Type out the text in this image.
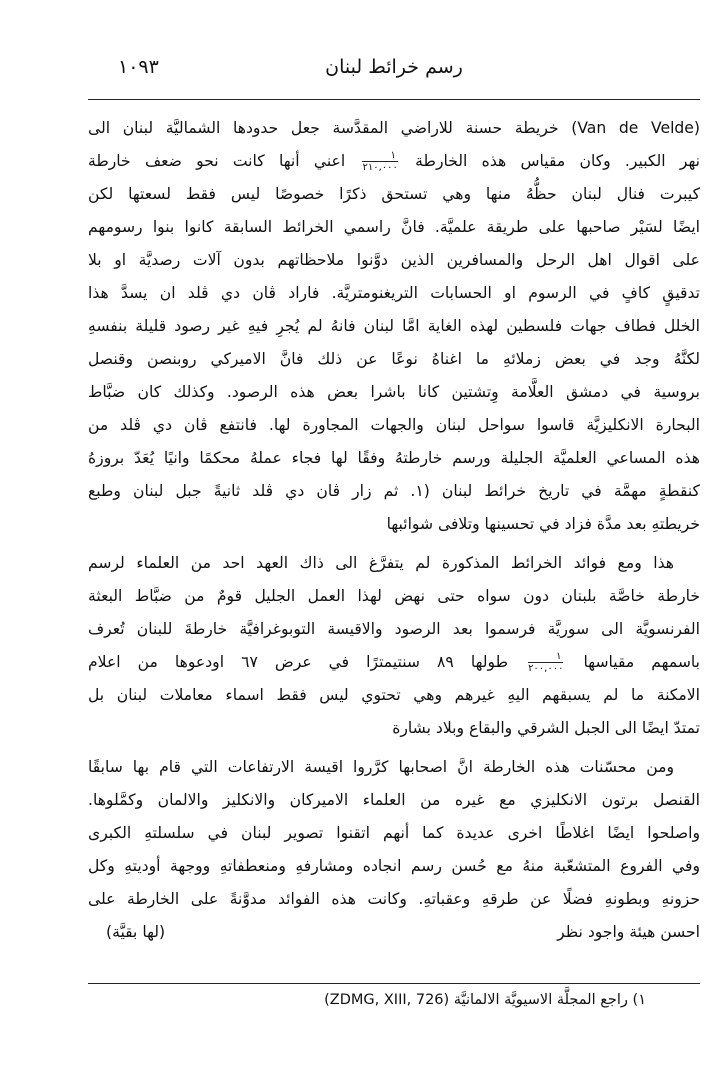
رسم خرائط لبنان
١٠٩٣
(Van de Velde) خريطة حسنة للاراضي المقدَّسة جعل حدودها الشماليَّة لبنان الى
نهر الكبير. وكان مقياس هذه الخارطة
$\frac{١}{٢١٠,٠٠٠}$
اعني أنها كانت نحو ضعف خارطة
كيبرت فنال لبنان حظُّهُ منها وهي تستحق ذكرًا خصوصًا ليس فقط لسعتها لكن
ايضًا لسَيْر صاحبها على طريقة علميَّة. فانَّ راسمي الخرائط السابقة كانوا بنوا رسومهم
على اقوال اهل الرحل والمسافرين الذين دوَّنوا ملاحظاتهم بدون آلات رصديَّة او بلا
تدقيقٍ كافٍ في الرسوم او الحسابات التريغنومتريَّة. فاراد ڤان دي ڤلد ان يسدَّ هذا
الخلل فطاف جهات فلسطين لهذه الغاية امَّا لبنان فانهُ لم يُجرِ فيهِ غير رصود قليلة بنفسهِ
لكنَّهُ وجد في بعض زملائهِ ما اغناهُ نوعًا عن ذلك فانَّ الاميركي روبنصن وقنصل
بروسية في دمشق العلَّامة وِتشتين كانا باشرا بعض هذه الرصود. وكذلك كان ضبَّاط
البحارة الانكليزيَّة قاسوا سواحل لبنان والجهات المجاورة لها. فانتفع ڤان دي ڤلد من
هذه المساعي العلميَّة الجليلة ورسم خارطتهُ وفقًا لها فجاء عملهُ محكمًا وانيًا يُعَدّ بروزهُ
كنقطةٍ مهمَّة في تاريخ خرائط لبنان (١. ثم زار ڤان دي ڤلد ثانيةً جبل لبنان وطبع
خريطتهِ بعد مدَّة فزاد في تحسينها وتلافى شوائبها
هذا ومع فوائد الخرائط المذكورة لم يتفرَّغ الى ذاك العهد احد من العلماء لرسم
خارطة خاصَّة بلبنان دون سواه حتى نهض لهذا العمل الجليل قومٌ من ضبَّاط البعثة
الفرنسويَّة الى سوريَّة فرسموا بعد الرصود والاقيسة التوبوغرافيَّة خارطةَ للبنان تُعرف
باسمهم مقياسها
$\frac{١}{٢٠٠,٠٠٠}$
طولها ٨٩ سنتيمترًا في عرض ٦٧ اودعوها من اعلام
الامكنة ما لم يسبقهم اليهِ غيرهم وهي تحتوي ليس فقط اسماء معاملات لبنان بل
تمتدّ ايضًا الى الجبل الشرقي والبقاع وبلاد بشارة
ومن محسّنات هذه الخارطة انَّ اصحابها كرَّروا اقيسة الارتفاعات التي قام بها سابقًا
القنصل برتون الانكليزي مع غيره من العلماء الاميركان والانكليز والالمان وكمَّلوها.
واصلحوا ايضًا اغلاطًا اخرى عديدة كما أنهم اتقنوا تصوير لبنان في سلسلتهِ الكبرى
وفي الفروع المتشعّبة منهُ مع حُسن رسم انجاده ومشارفهِ ومنعطفاتهِ ووجهة أوديتهِ وكل
حزونهِ وبطونهِ فضلًا عن طرقهِ وعقباتهِ. وكانت هذه الفوائد مدوَّنةً على الخارطة على
(لها بقيَّة)	احسن هيئة واجود نظر
١) راجع المجلَّة الاسيويَّة الالمانيَّة (ZDMG, XIII, 726)
